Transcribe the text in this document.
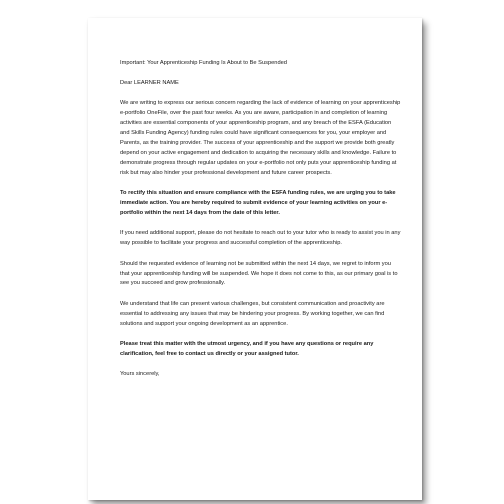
Important: Your Apprenticeship Funding Is About to Be Suspended

Dear LEARNER NAME

We are writing to express our serious concern regarding the lack of evidence of learning on your apprenticeship e-portfolio OneFile, over the past four weeks. As you are aware, participation in and completion of learning activities are essential components of your apprenticeship program, and any breach of the ESFA (Education and Skills Funding Agency) funding rules could have significant consequences for you, your employer and Parents, as the training provider. The success of your apprenticeship and the support we provide both greatly depend on your active engagement and dedication to acquiring the necessary skills and knowledge. Failure to demonstrate progress through regular updates on your e-portfolio not only puts your apprenticeship funding at risk but may also hinder your professional development and future career prospects.

To rectify this situation and ensure compliance with the ESFA funding rules, we are urging you to take immediate action. You are hereby required to submit evidence of your learning activities on your e-portfolio within the next 14 days from the date of this letter.

If you need additional support, please do not hesitate to reach out to your tutor who is ready to assist you in any way possible to facilitate your progress and successful completion of the apprenticeship.

Should the requested evidence of learning not be submitted within the next 14 days, we regret to inform you that your apprenticeship funding will be suspended. We hope it does not come to this, as our primary goal is to see you succeed and grow professionally.

We understand that life can present various challenges, but consistent communication and proactivity are essential to addressing any issues that may be hindering your progress. By working together, we can find solutions and support your ongoing development as an apprentice.

Please treat this matter with the utmost urgency, and if you have any questions or require any clarification, feel free to contact us directly or your assigned tutor.

Yours sincerely,
